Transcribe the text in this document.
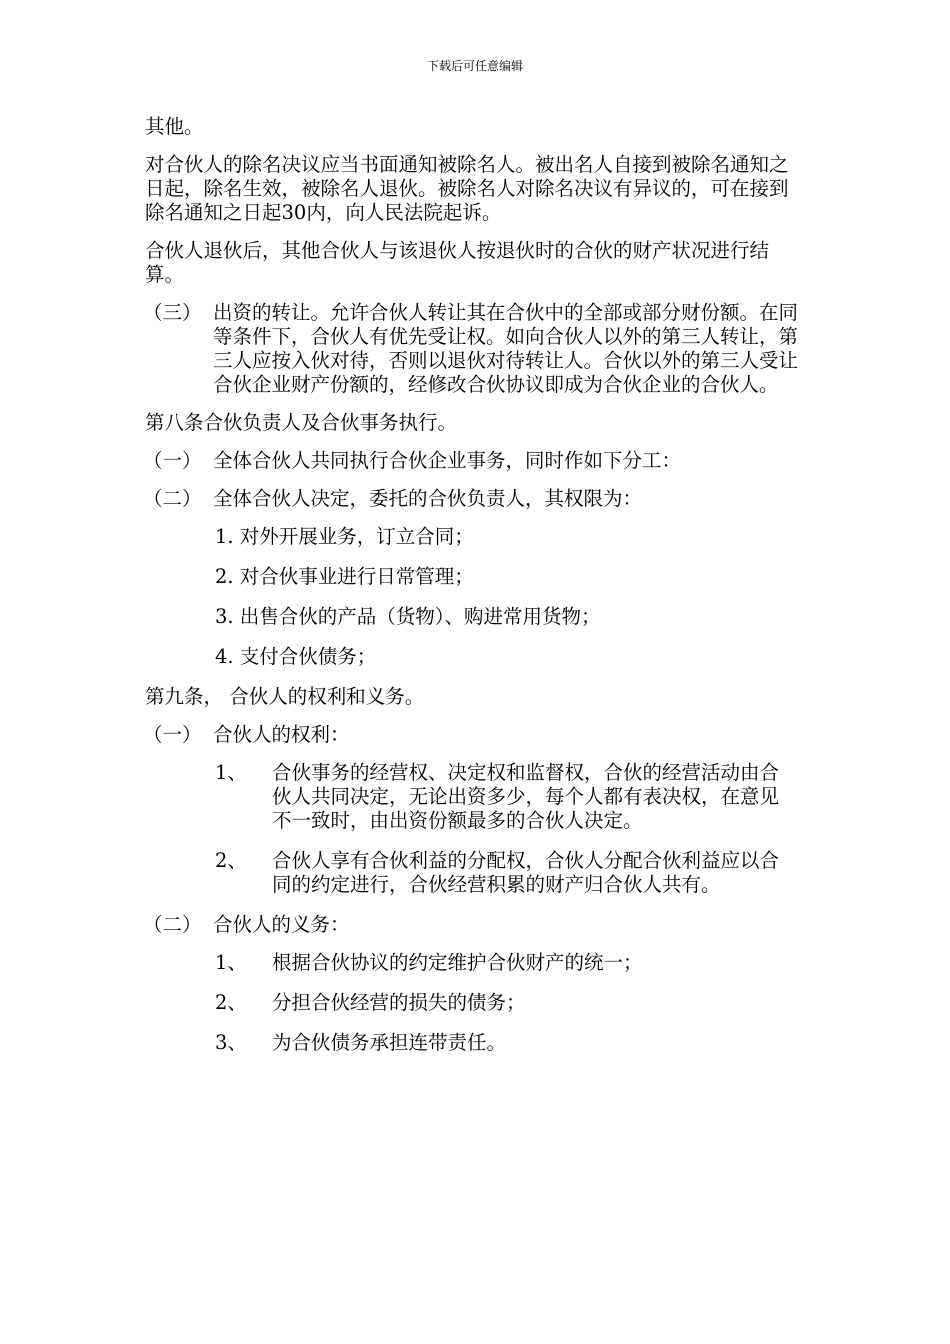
下载后可任意编辑
其他。
对合伙人的除名决议应当书面通知被除名人。被出名人自接到被除名通知之日起，除名生效，被除名人退伙。被除名人对除名决议有异议的，可在接到除名通知之日起30内，向人民法院起诉。
合伙人退伙后，其他合伙人与该退伙人按退伙时的合伙的财产状况进行结算。
（三） 出资的转让。允许合伙人转让其在合伙中的全部或部分财份额。在同等条件下，合伙人有优先受让权。如向合伙人以外的第三人转让，第三人应按入伙对待，否则以退伙对待转让人。合伙以外的第三人受让合伙企业财产份额的，经修改合伙协议即成为合伙企业的合伙人。
第八条合伙负责人及合伙事务执行。
（一） 全体合伙人共同执行合伙企业事务，同时作如下分工：
（二） 全体合伙人决定，委托的合伙负责人，其权限为：
1. 对外开展业务，订立合同；
2. 对合伙事业进行日常管理；
3. 出售合伙的产品（货物）、购进常用货物；
4. 支付合伙债务；
第九条， 合伙人的权利和义务。
（一） 合伙人的权利：
1、	合伙事务的经营权、决定权和监督权，合伙的经营活动由合伙人共同决定，无论出资多少，每个人都有表决权，在意见不一致时，由出资份额最多的合伙人决定。
2、	合伙人享有合伙利益的分配权，合伙人分配合伙利益应以合同的约定进行，合伙经营积累的财产归合伙人共有。
（二） 合伙人的义务：
1、	根据合伙协议的约定维护合伙财产的统一；
2、	分担合伙经营的损失的债务；
3、	为合伙债务承担连带责任。
